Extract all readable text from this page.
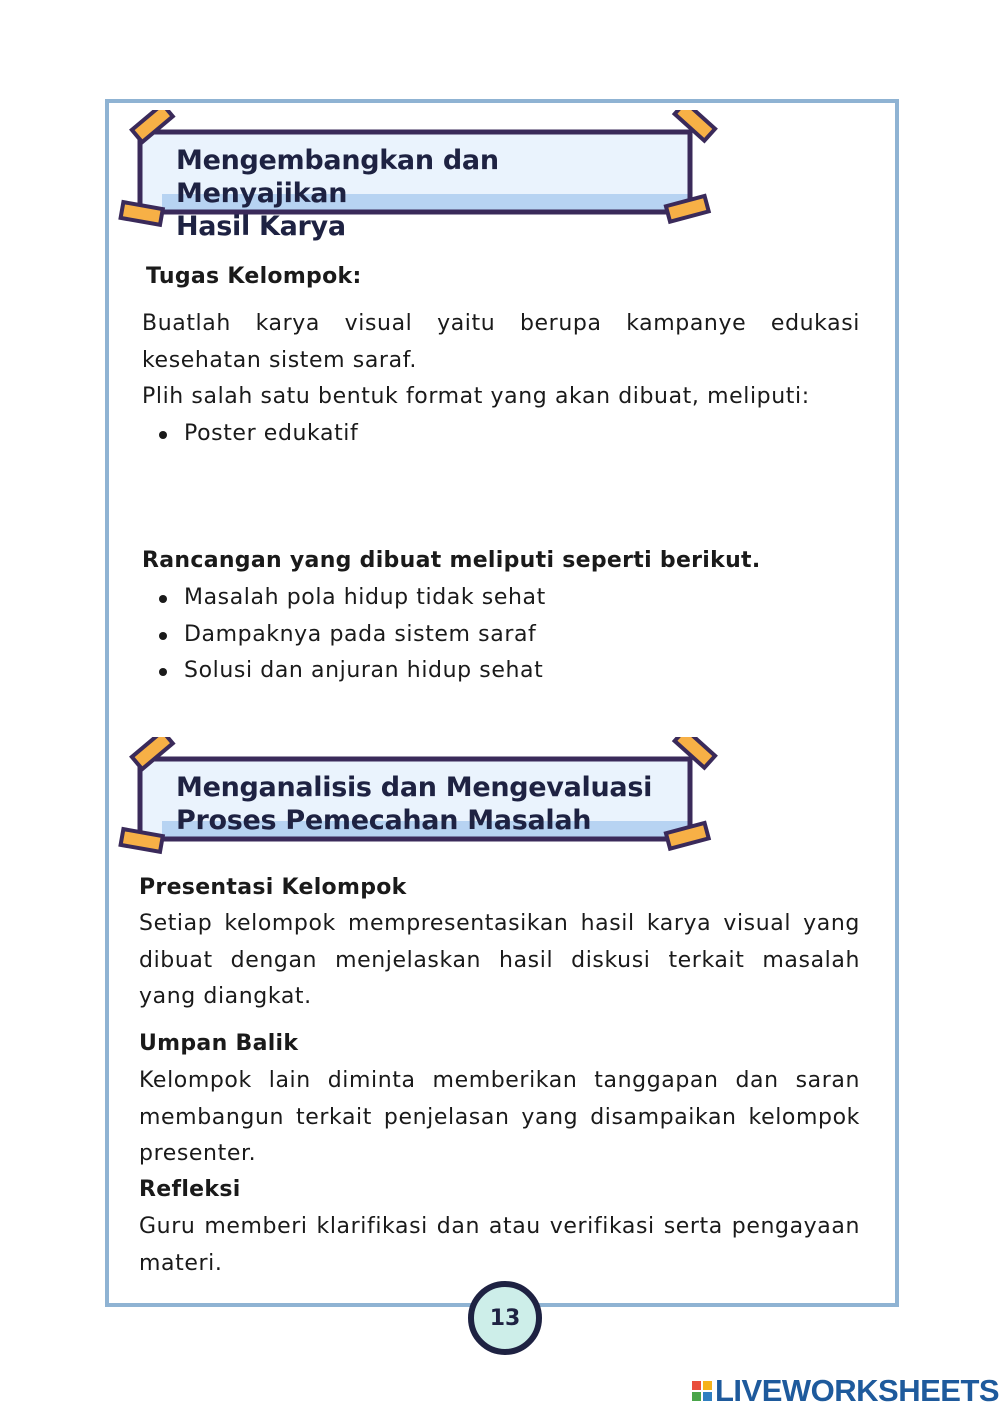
Mengembangkan dan Menyajikan
Hasil Karya
Tugas Kelompok:

Buatlah karya visual yaitu berupa kampanye edukasi kesehatan sistem saraf.

Plih salah satu bentuk format yang akan dibuat, meliputi:

Poster edukatif
Rancangan yang dibuat meliputi seperti berikut.
Masalah pola hidup tidak sehat
Dampaknya pada sistem saraf
Solusi dan anjuran hidup sehat
Menganalisis dan Mengevaluasi
Proses Pemecahan Masalah
Presentasi Kelompok
Setiap kelompok mempresentasikan hasil karya visual yang dibuat dengan menjelaskan hasil diskusi terkait masalah yang diangkat.
Umpan Balik
Kelompok lain diminta memberikan tanggapan dan saran membangun terkait penjelasan yang disampaikan kelompok presenter.
Refleksi
Guru memberi klarifikasi dan atau verifikasi serta pengayaan materi.
13
LIVEWORKSHEETS
